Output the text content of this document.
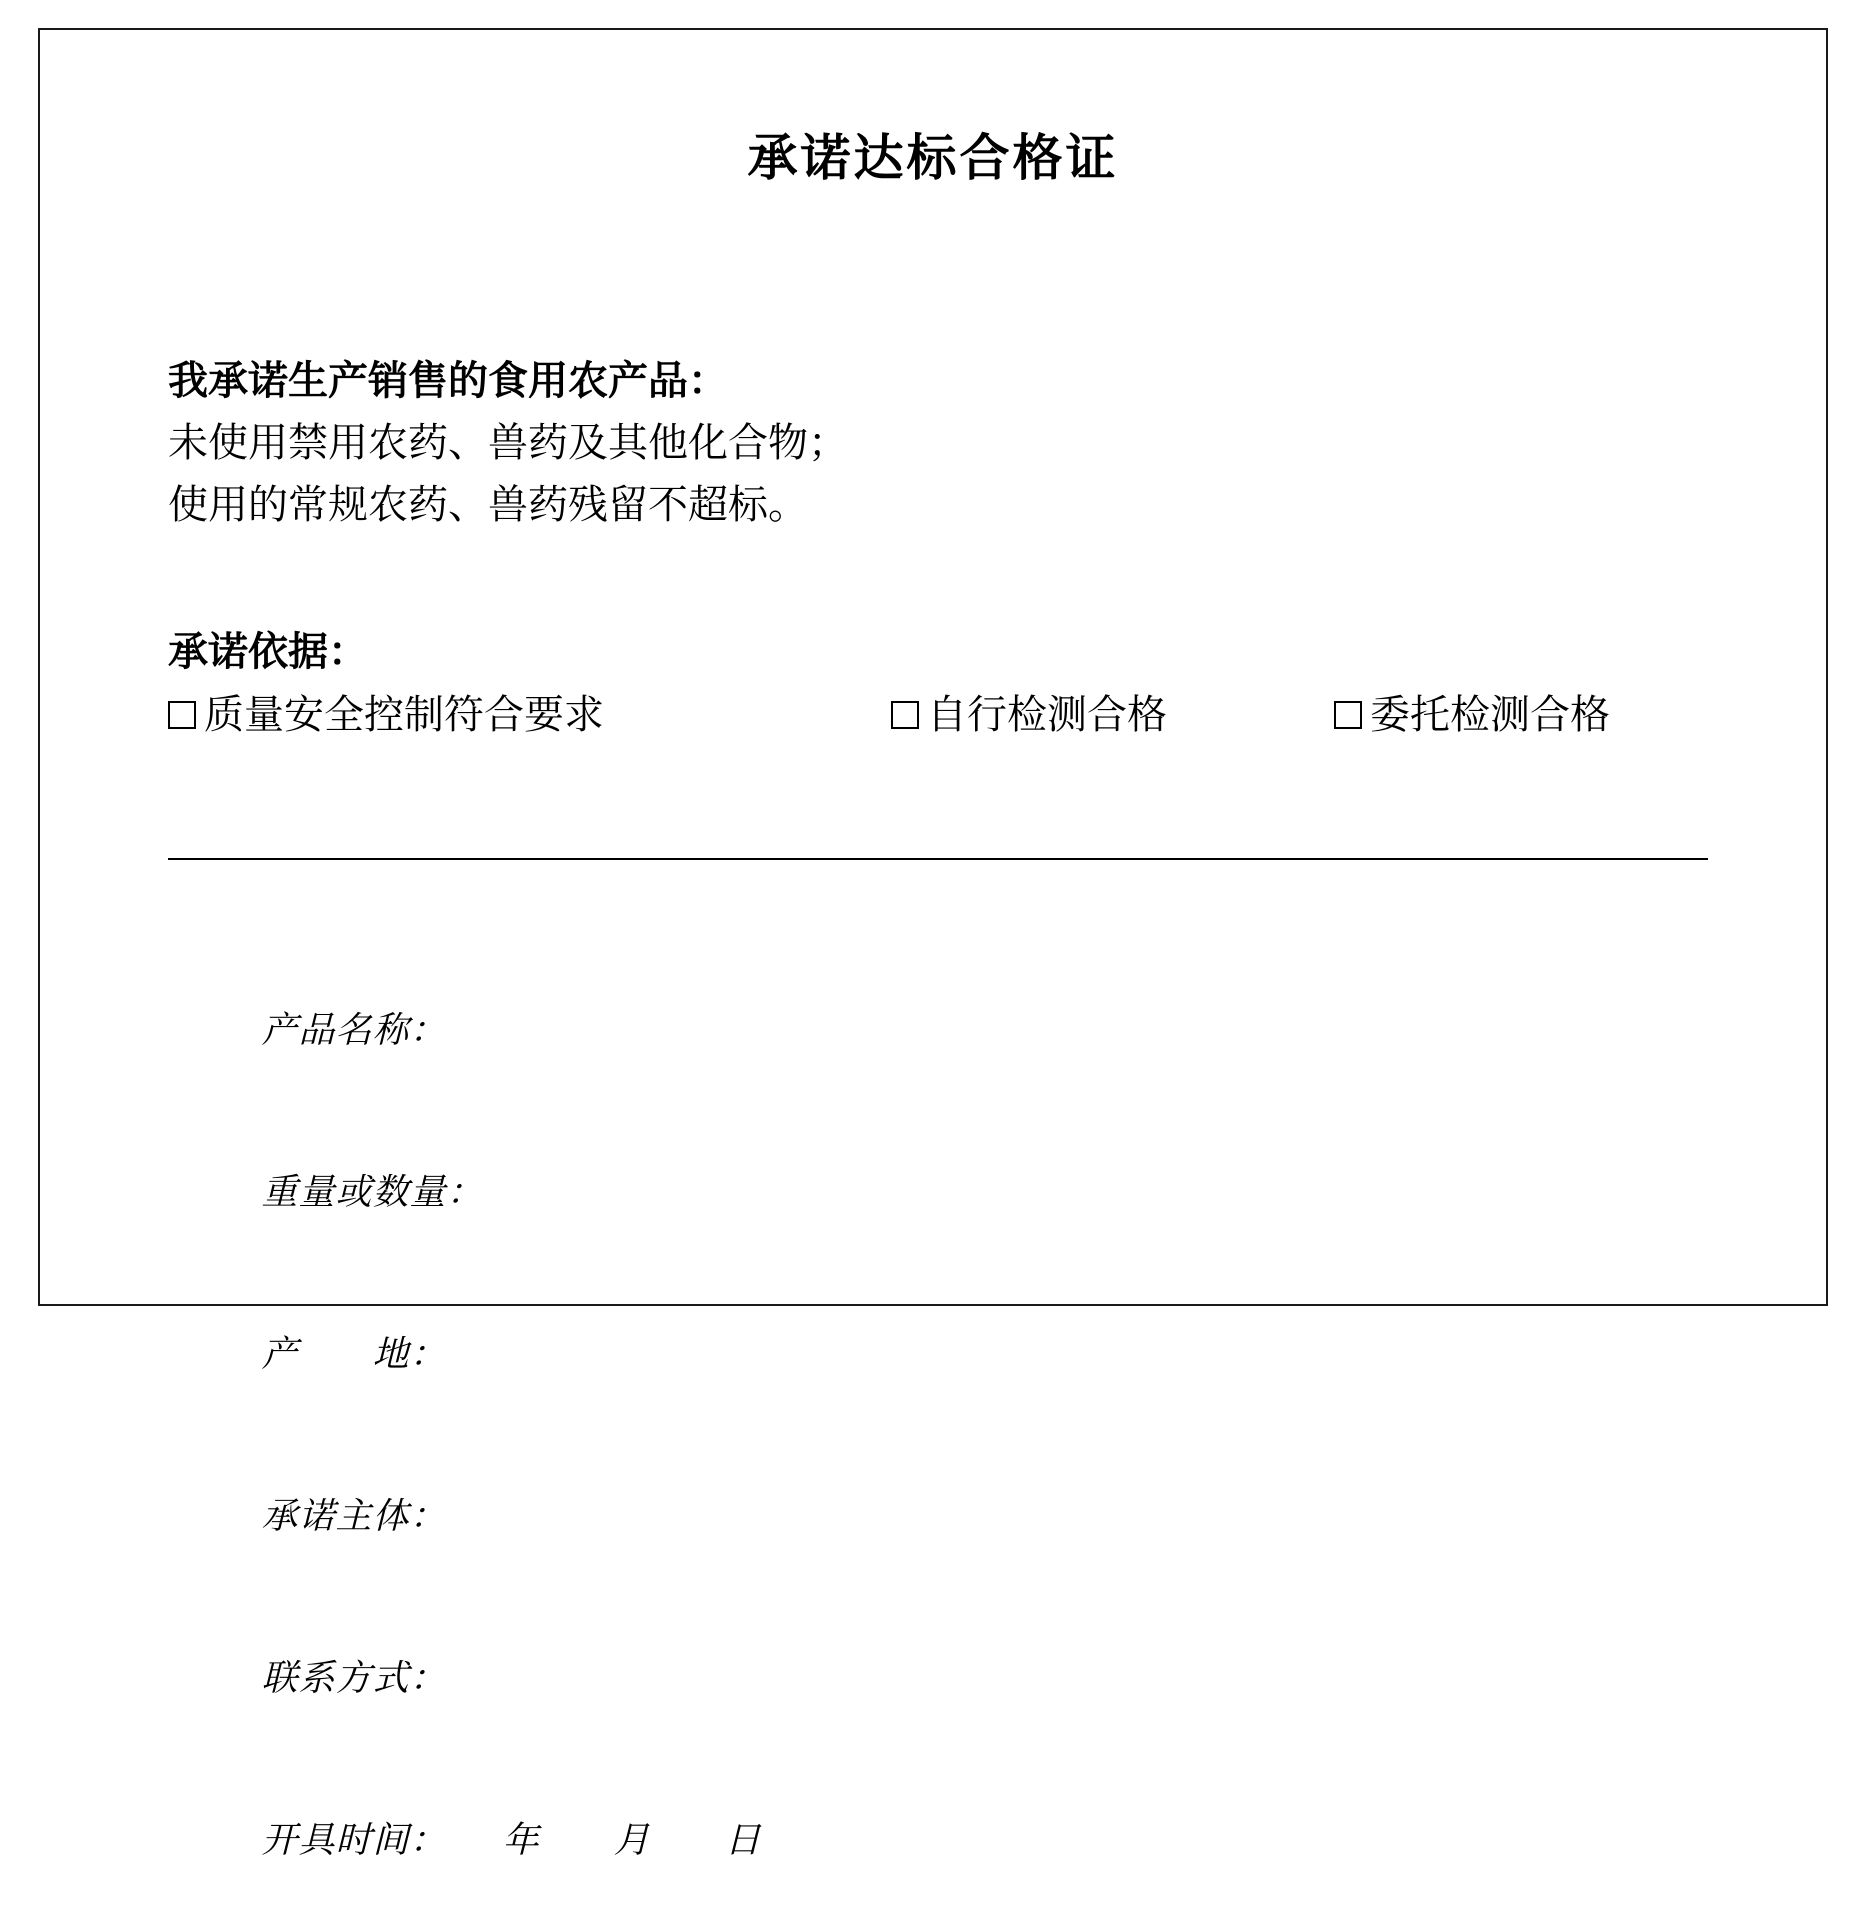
承诺达标合格证
我承诺生产销售的食用农产品：
未使用禁用农药、兽药及其他化合物；
使用的常规农药、兽药残留不超标。
承诺依据：
质量安全控制符合要求	自行检测合格	委托检测合格

产品名称：

重量或数量：

产　　地：

承诺主体：

联系方式：

开具时间：　　年　　月　　日
